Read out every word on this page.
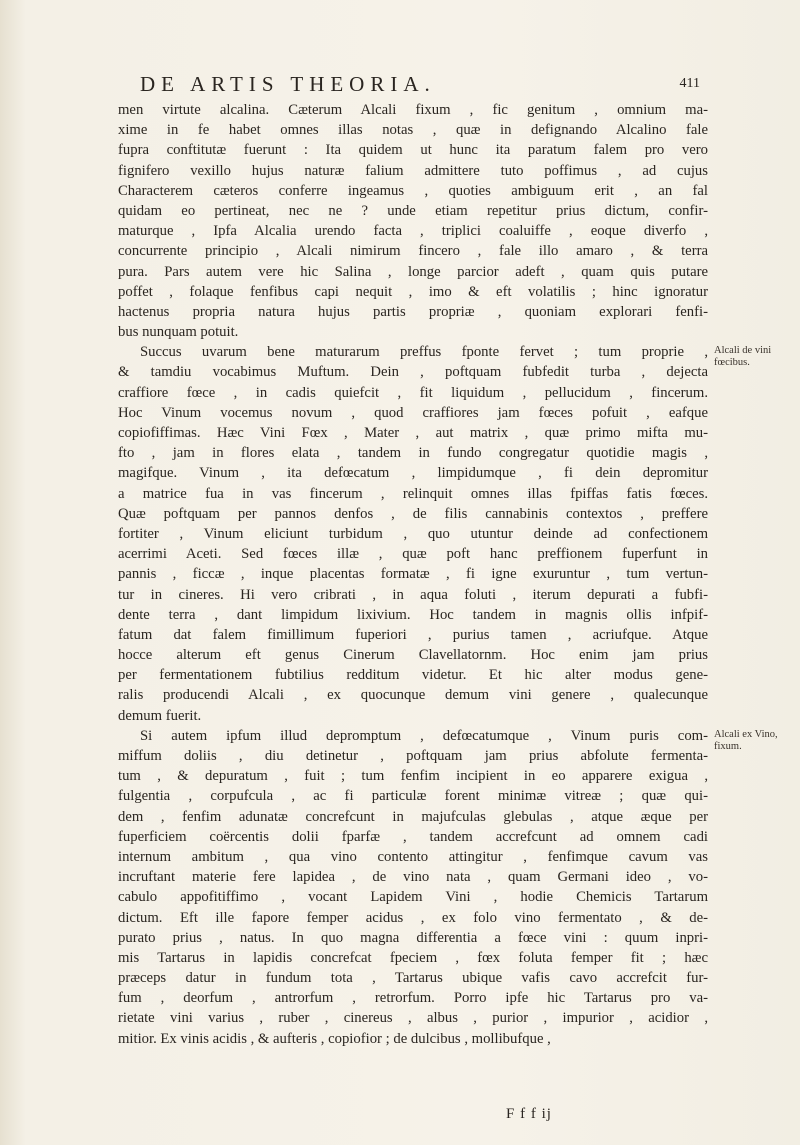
DE ARTIS THEORIA.	411
men virtute alcalina. Cæterum Alcali fixum , fic genitum , omnium ma-
xime in fe habet omnes illas notas , quæ in defignando Alcalino fale
fupra conftitutæ fuerunt : Ita quidem ut hunc ita paratum falem pro vero
fignifero vexillo hujus naturæ falium admittere tuto poffimus , ad cujus
Characterem cæteros conferre ingeamus , quoties ambiguum erit , an fal
quidam eo pertineat, nec ne ? unde etiam repetitur prius dictum, confir-
maturque , Ipfa Alcalia urendo facta , triplici coaluiffe , eoque diverfo ,
concurrente principio , Alcali nimirum fincero , fale illo amaro , & terra
pura. Pars autem vere hic Salina , longe parcior adeft , quam quis putare
poffet , folaque fenfibus capi nequit , imo & eft volatilis ; hinc ignoratur
hactenus propria natura hujus partis propriæ , quoniam explorari fenfi-
bus nunquam potuit.
Succus uvarum bene maturarum preffus fponte fervet ; tum proprie ,
& tamdiu vocabimus Muftum. Dein , poftquam fubfedit turba , dejecta
craffiore fœce , in cadis quiefcit , fit liquidum , pellucidum , fincerum.
Hoc Vinum vocemus novum , quod craffiores jam fœces pofuit , eafque
copiofiffimas. Hæc Vini Fœx , Mater , aut matrix , quæ primo mifta mu-
fto , jam in flores elata , tandem in fundo congregatur quotidie magis ,
magifque. Vinum , ita defœcatum , limpidumque , fi dein depromitur
a matrice fua in vas fincerum , relinquit omnes illas fpiffas fatis fœces.
Quæ poftquam per pannos denfos , de filis cannabinis contextos , preffere
fortiter , Vinum eliciunt turbidum , quo utuntur deinde ad confectionem
acerrimi Aceti. Sed fœces illæ , quæ poft hanc preffionem fuperfunt in
pannis , ficcæ , inque placentas formatæ , fi igne exuruntur , tum vertun-
tur in cineres. Hi vero cribrati , in aqua foluti , iterum depurati a fubfi-
dente terra , dant limpidum lixivium. Hoc tandem in magnis ollis infpif-
fatum dat falem fimillimum fuperiori , purius tamen , acriufque. Atque
hocce alterum eft genus Cinerum Clavellatornm. Hoc enim jam prius
per fermentationem fubtilius redditum videtur. Et hic alter modus gene-
ralis producendi Alcali , ex quocunque demum vini genere , qualecunque
demum fuerit.
Si autem ipfum illud depromptum , defœcatumque , Vinum puris com-
miffum doliis , diu detinetur , poftquam jam prius abfolute fermenta-
tum , & depuratum , fuit ; tum fenfim incipient in eo apparere exigua ,
fulgentia , corpufcula , ac fi particulæ forent minimæ vitreæ ; quæ qui-
dem , fenfim adunatæ concrefcunt in majufculas glebulas , atque æque per
fuperficiem coërcentis dolii fparfæ , tandem accrefcunt ad omnem cadi
internum ambitum , qua vino contento attingitur , fenfimque cavum vas
incruftant materie fere lapidea , de vino nata , quam Germani ideo , vo-
cabulo appofitiffimo , vocant Lapidem Vini , hodie Chemicis Tartarum
dictum. Eft ille fapore femper acidus , ex folo vino fermentato , & de-
purato prius , natus. In quo magna differentia a fœce vini : quum inpri-
mis Tartarus in lapidis concrefcat fpeciem , fœx foluta femper fit ; hæc
præceps datur in fundum tota , Tartarus ubique vafis cavo accrefcit fur-
fum , deorfum , antrorfum , retrorfum. Porro ipfe hic Tartarus pro va-
rietate vini varius , ruber , cinereus , albus , purior , impurior , acidior ,
mitior. Ex vinis acidis , & aufteris , copiofior ; de dulcibus , mollibufque ,
Alcali de vini
fœcibus.
Alcali ex Vino,
fixum.
F f f ij
